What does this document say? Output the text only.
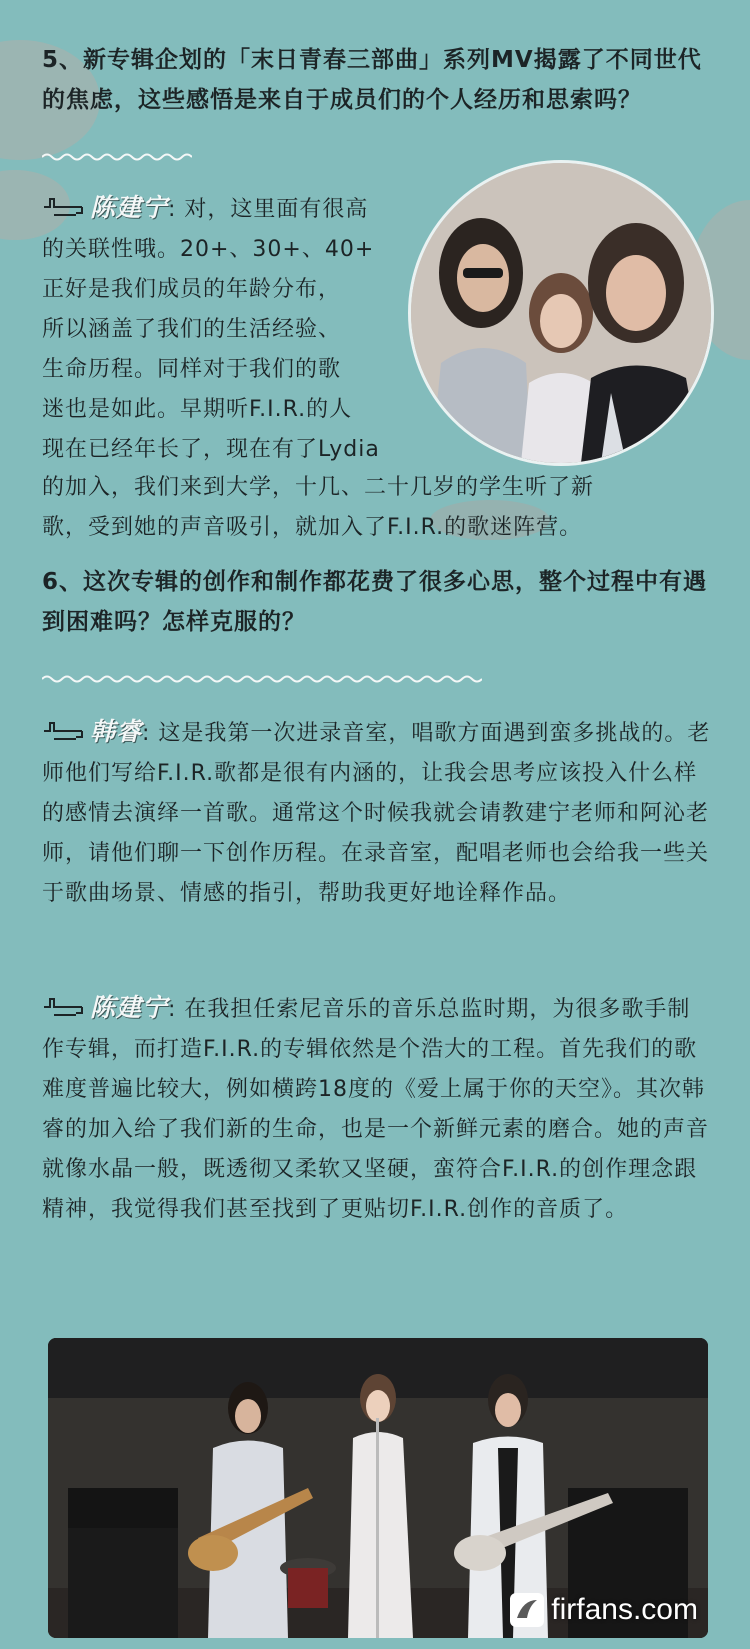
5、新专辑企划的「末日青春三部曲」系列MV揭露了不同世代的焦虑，这些感悟是来自于成员们的个人经历和思索吗？
陈建宁: 对，这里面有很高
的关联性哦。20+、30+、40+
正好是我们成员的年龄分布，
所以涵盖了我们的生活经验、
生命历程。同样对于我们的歌
迷也是如此。早期听F.I.R.的人
现在已经年长了，现在有了Lydia
的加入，我们来到大学，十几、二十几岁的学生听了新
歌，受到她的声音吸引，就加入了F.I.R.的歌迷阵营。
6、这次专辑的创作和制作都花费了很多心思，整个过程中有遇到困难吗？怎样克服的？
韩睿: 这是我第一次进录音室，唱歌方面遇到蛮多挑战的。老师他们写给F.I.R.歌都是很有内涵的，让我会思考应该投入什么样的感情去演绎一首歌。通常这个时候我就会请教建宁老师和阿沁老师，请他们聊一下创作历程。在录音室，配唱老师也会给我一些关于歌曲场景、情感的指引，帮助我更好地诠释作品。
陈建宁: 在我担任索尼音乐的音乐总监时期，为很多歌手制作专辑，而打造F.I.R.的专辑依然是个浩大的工程。首先我们的歌难度普遍比较大，例如横跨18度的《爱上属于你的天空》。其次韩睿的加入给了我们新的生命，也是一个新鲜元素的磨合。她的声音就像水晶一般，既透彻又柔软又坚硬，蛮符合F.I.R.的创作理念跟精神，我觉得我们甚至找到了更贴切F.I.R.创作的音质了。
firfans.com
